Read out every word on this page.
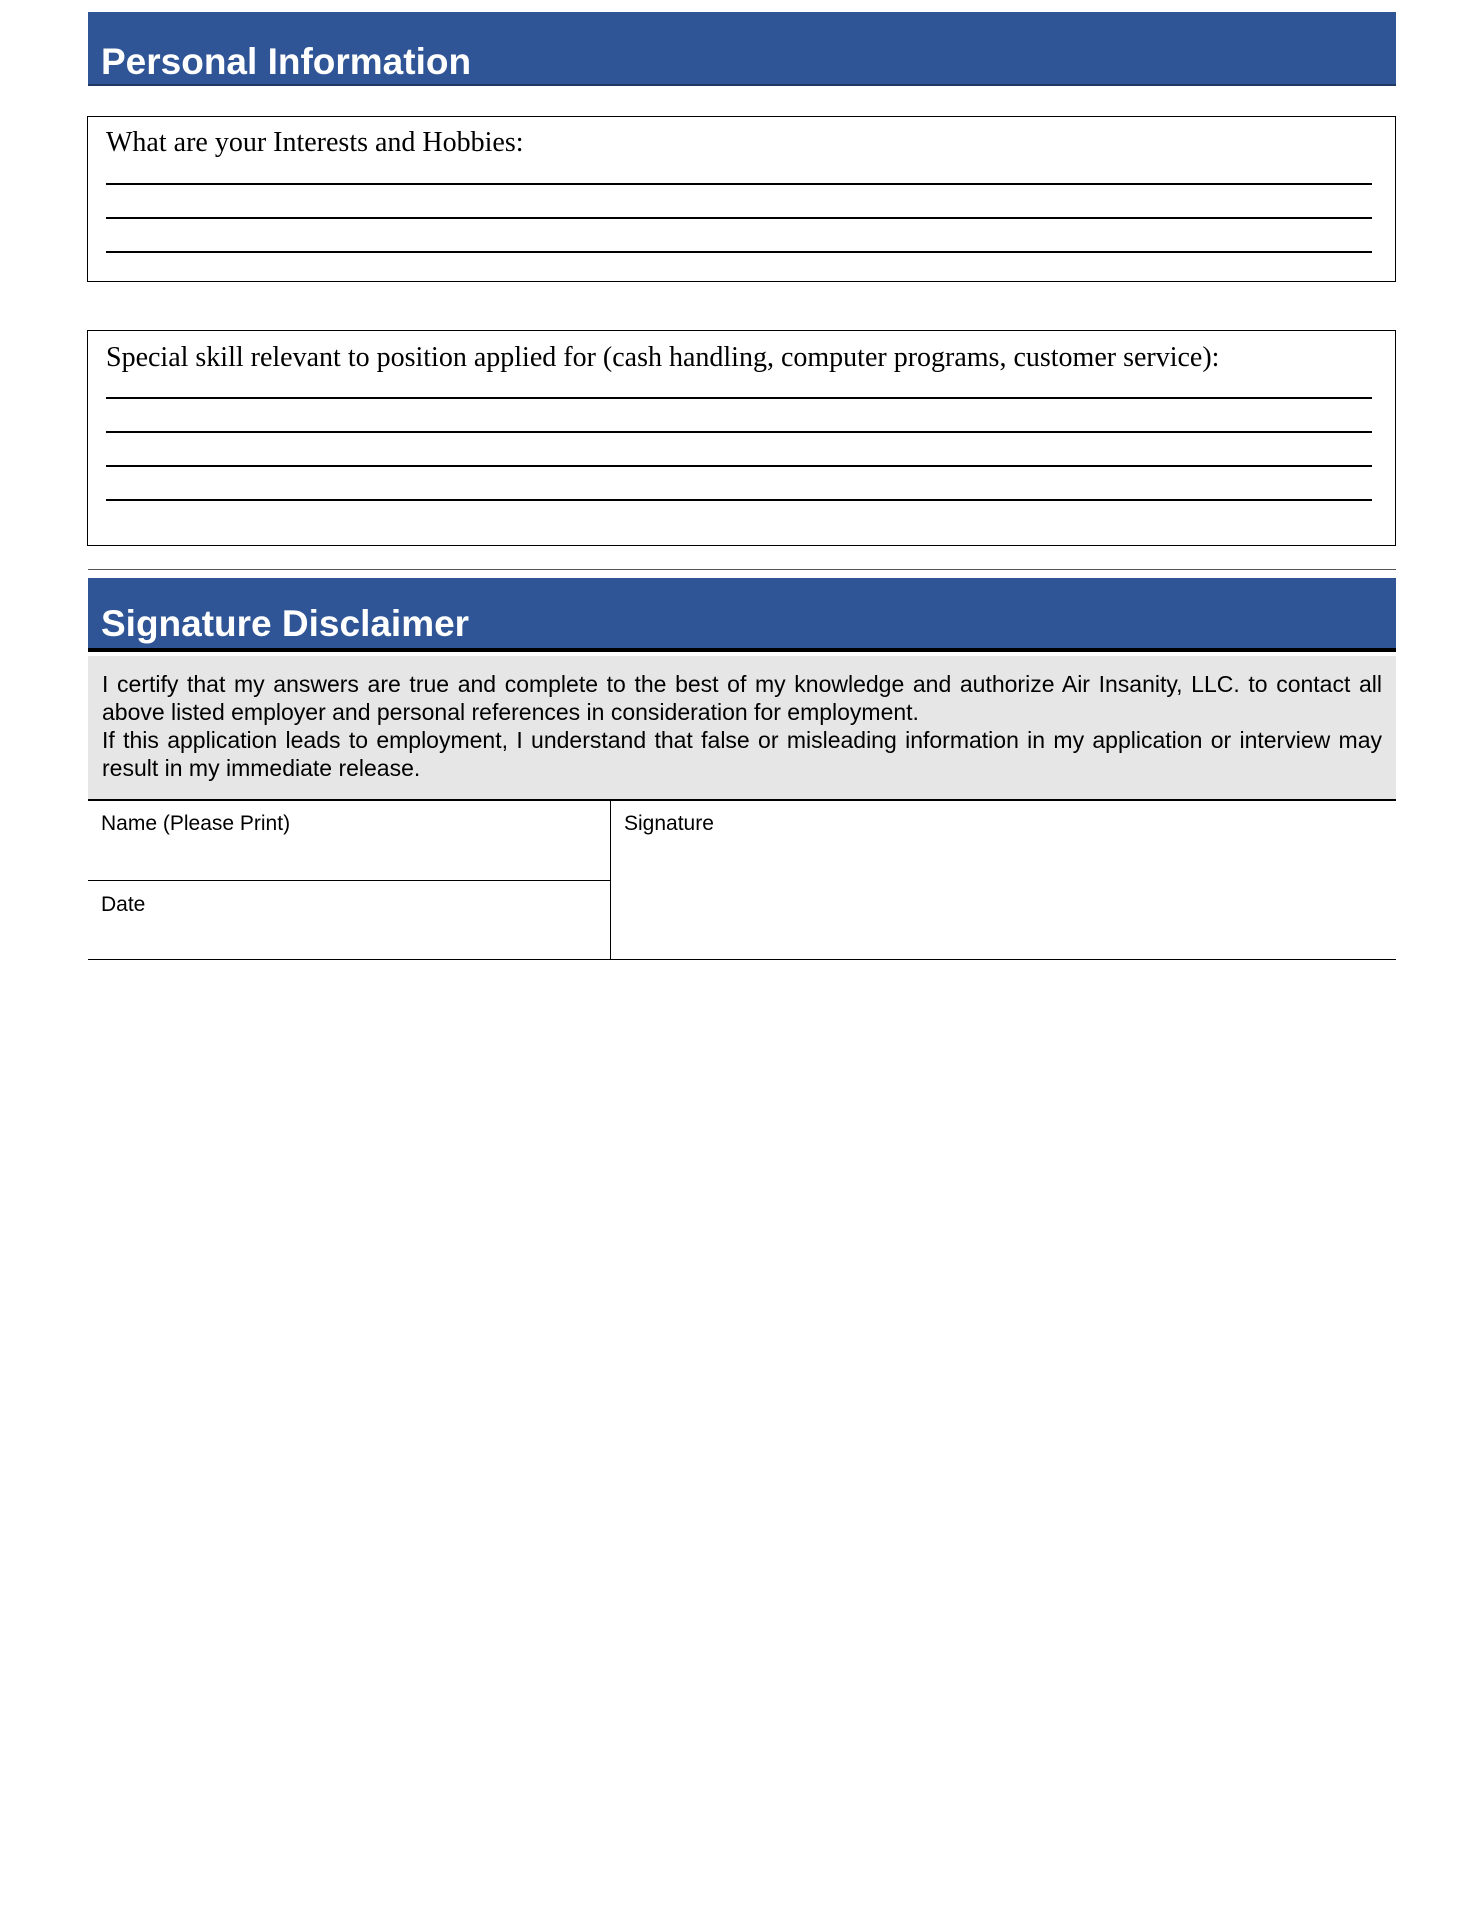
Personal Information
What are your Interests and Hobbies:
Special skill relevant to position applied for (cash handling, computer programs, customer service):
Signature Disclaimer

I certify that my answers are true and complete to the best of my knowledge and authorize Air Insanity, LLC. to contact all above listed employer and personal references in consideration for employment.

If this application leads to employment, I understand that false or misleading information in my application or interview may result in my immediate release.

Name (Please Print)
Date
Signature
